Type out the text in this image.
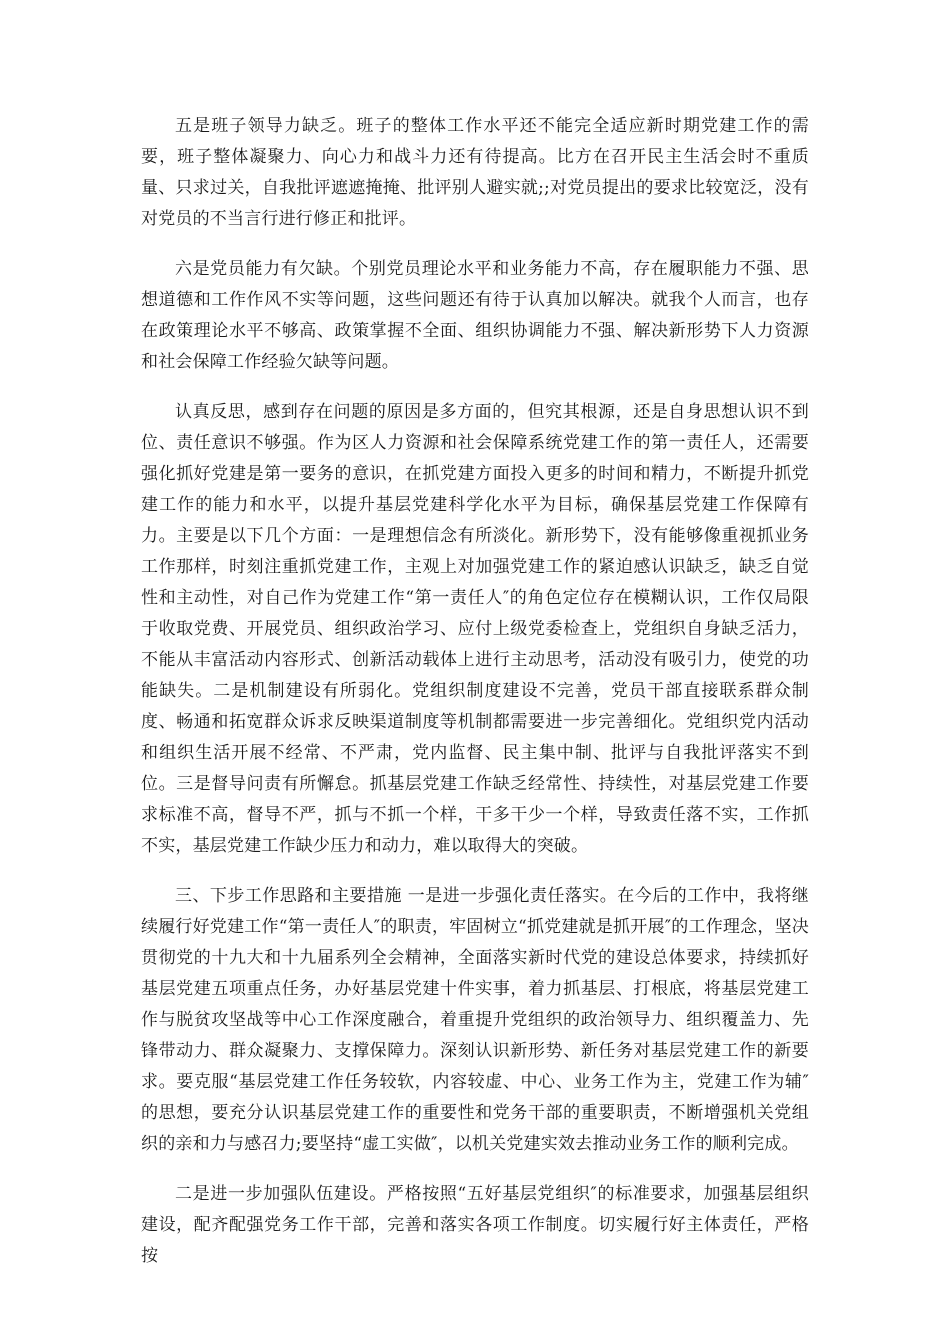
五是班子领导力缺乏。班子的整体工作水平还不能完全适应新时期党建工作的需要，班子整体凝聚力、向心力和战斗力还有待提高。比方在召开民主生活会时不重质量、只求过关，自我批评遮遮掩掩、批评别人避实就;;对党员提出的要求比较宽泛，没有对党员的不当言行进行修正和批评。

六是党员能力有欠缺。个别党员理论水平和业务能力不高，存在履职能力不强、思想道德和工作作风不实等问题，这些问题还有待于认真加以解决。就我个人而言，也存在政策理论水平不够高、政策掌握不全面、组织协调能力不强、解决新形势下人力资源和社会保障工作经验欠缺等问题。

认真反思，感到存在问题的原因是多方面的，但究其根源，还是自身思想认识不到位、责任意识不够强。作为区人力资源和社会保障系统党建工作的第一责任人，还需要强化抓好党建是第一要务的意识，在抓党建方面投入更多的时间和精力，不断提升抓党建工作的能力和水平，以提升基层党建科学化水平为目标，确保基层党建工作保障有力。主要是以下几个方面：一是理想信念有所淡化。新形势下，没有能够像重视抓业务工作那样，时刻注重抓党建工作，主观上对加强党建工作的紧迫感认识缺乏，缺乏自觉性和主动性，对自己作为党建工作“第一责任人″的角色定位存在模糊认识，工作仅局限于收取党费、开展党员、组织政治学习、应付上级党委检查上，党组织自身缺乏活力，不能从丰富活动内容形式、创新活动载体上进行主动思考，活动没有吸引力，使党的功能缺失。二是机制建设有所弱化。党组织制度建设不完善，党员干部直接联系群众制度、畅通和拓宽群众诉求反映渠道制度等机制都需要进一步完善细化。党组织党内活动和组织生活开展不经常、不严肃，党内监督、民主集中制、批评与自我批评落实不到位。三是督导问责有所懈怠。抓基层党建工作缺乏经常性、持续性，对基层党建工作要求标准不高，督导不严，抓与不抓一个样，干多干少一个样，导致责任落不实，工作抓不实，基层党建工作缺少压力和动力，难以取得大的突破。

三、下步工作思路和主要措施 一是进一步强化责任落实。在今后的工作中，我将继续履行好党建工作“第一责任人″的职责，牢固树立“抓党建就是抓开展″的工作理念，坚决贯彻党的十九大和十九届系列全会精神，全面落实新时代党的建设总体要求，持续抓好基层党建五项重点任务，办好基层党建十件实事，着力抓基层、打根底，将基层党建工作与脱贫攻坚战等中心工作深度融合，着重提升党组织的政治领导力、组织覆盖力、先锋带动力、群众凝聚力、支撑保障力。深刻认识新形势、新任务对基层党建工作的新要求。要克服“基层党建工作任务较软，内容较虚、中心、业务工作为主，党建工作为辅″的思想，要充分认识基层党建工作的重要性和党务干部的重要职责，不断增强机关党组织的亲和力与感召力;要坚持“虚工实做″，以机关党建实效去推动业务工作的顺利完成。

二是进一步加强队伍建设。严格按照“五好基层党组织″的标准要求，加强基层组织建设，配齐配强党务工作干部，完善和落实各项工作制度。切实履行好主体责任，严格按
